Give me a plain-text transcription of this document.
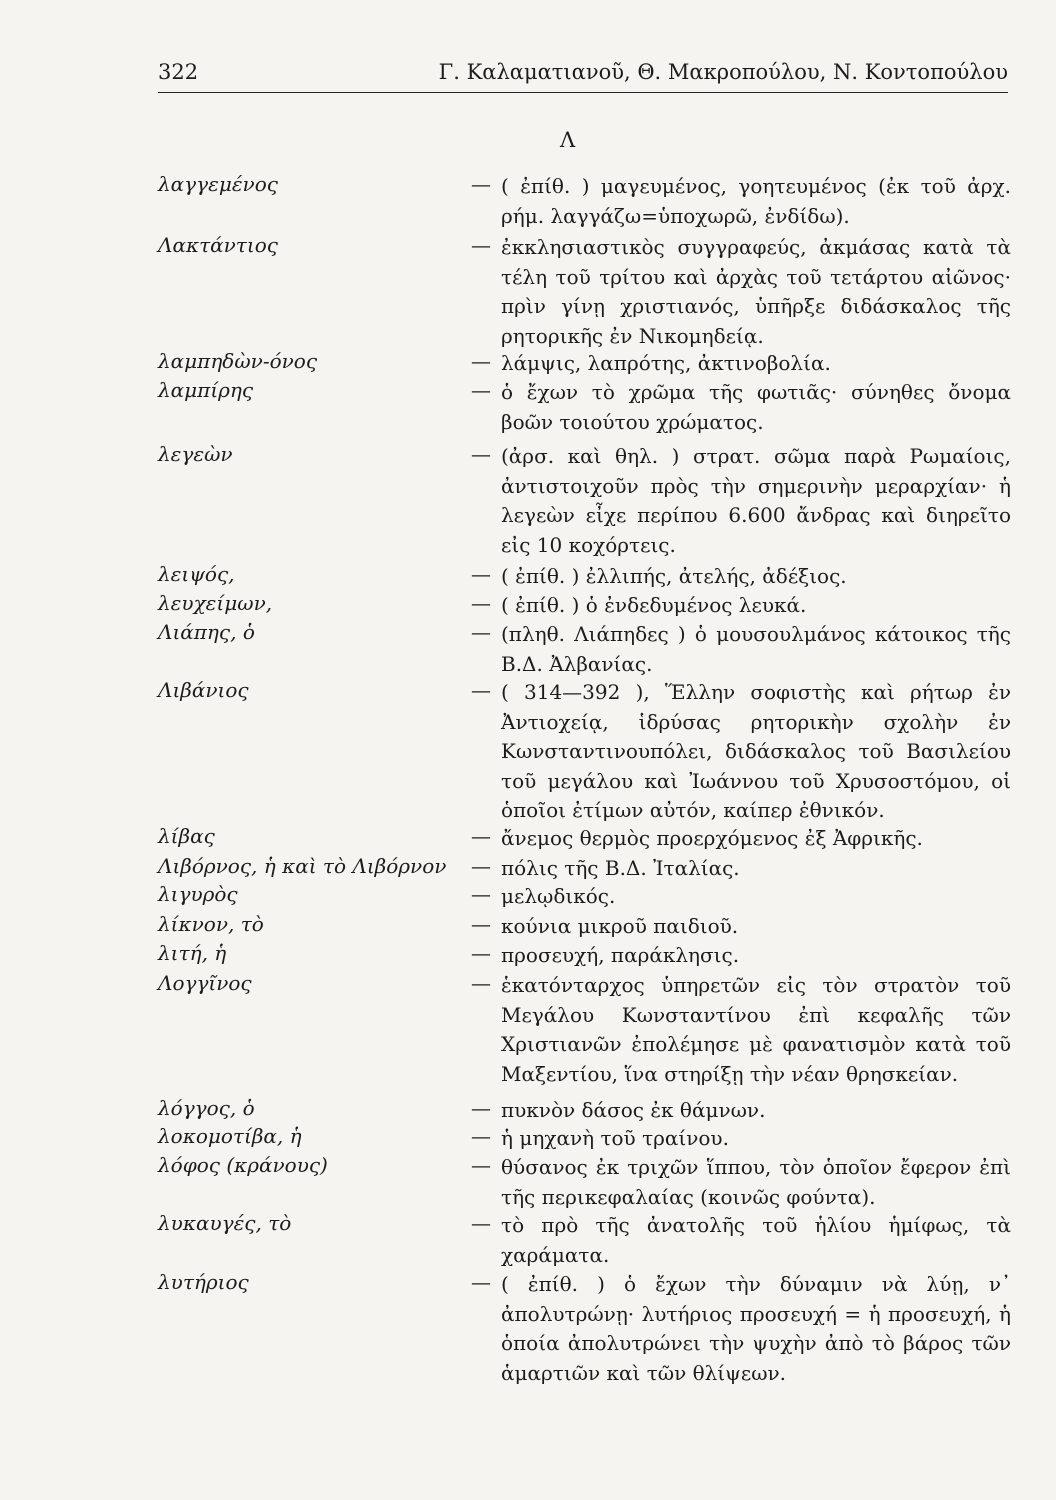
322	Γ. Καλαματιανοῦ, Θ. Μακροπούλου, Ν. Κοντοπούλου
Λ
λαγγεμένος	— ( ἐπίθ. ) μαγευμένος, γοητευμένος (ἐκ τοῦ ἀρχ. ρήμ. λαγγάζω=ὑποχωρῶ, ἐνδίδω).
Λακτάντιος	— ἐκκλησιαστικὸς συγγραφεύς, ἀκμάσας κατὰ τὰ τέλη τοῦ τρίτου καὶ ἀρχὰς τοῦ τετάρτου αἰῶνος· πρὶν γίνῃ χριστιανός, ὑπῆρξε διδάσκαλος τῆς ρητορικῆς ἐν Νικομηδείᾳ.
λαμπηδὼν-όνος	— λάμψις, λαπρότης, ἀκτινοβολία.
λαμπίρης	— ὁ ἔχων τὸ χρῶμα τῆς φωτιᾶς· σύνηθες ὄνομα βοῶν τοιούτου χρώματος.
λεγεὼν	— (ἀρσ. καὶ θηλ. ) στρατ. σῶμα παρὰ Ρωμαίοις, ἀντιστοιχοῦν πρὸς τὴν σημερινὴν μεραρχίαν· ἡ λεγεὼν εἶχε περίπου 6.600 ἄνδρας καὶ διηρεῖτο εἰς 10 κοχόρτεις.
λειψός,	— ( ἐπίθ. ) ἐλλιπής, ἀτελής, ἀδέξιος.
λευχείμων,	— ( ἐπίθ. ) ὁ ἐνδεδυμένος λευκά.
Λιάπης, ὁ	— (πληθ. Λιάπηδες ) ὁ μουσουλμάνος κάτοικος τῆς Β.Δ. Ἀλβανίας.
Λιβάνιος	— ( 314—392 ), Ἕλλην σοφιστὴς καὶ ρήτωρ ἐν Ἀντιοχείᾳ, ἱδρύσας ρητορικὴν σχολὴν ἐν Κωνσταντινουπόλει, διδάσκαλος τοῦ Βασιλείου τοῦ μεγάλου καὶ Ἰωάννου τοῦ Χρυσοστόμου, οἱ ὁποῖοι ἐτίμων αὐτόν, καίπερ ἐθνικόν.
λίβας	— ἄνεμος θερμὸς προερχόμενος ἐξ Ἀφρικῆς.
Λιβόρνος, ἡ καὶ τὸ Λιβόρνον — πόλις τῆς Β.Δ. Ἰταλίας.
λιγυρὸς	— μελῳδικός.
λίκνον, τὸ	— κούνια μικροῦ παιδιοῦ.
λιτή, ἡ	— προσευχή, παράκλησις.
Λογγῖνος	— ἑκατόνταρχος ὑπηρετῶν εἰς τὸν στρατὸν τοῦ Μεγάλου Κωνσταντίνου ἐπὶ κεφαλῆς τῶν Χριστιανῶν ἐπολέμησε μὲ φανατισμὸν κατὰ τοῦ Μαξεντίου, ἵνα στηρίξῃ τὴν νέαν θρησκείαν.
λόγγος, ὁ	— πυκνὸν δάσος ἐκ θάμνων.
λοκομοτίβα, ἡ	— ἡ μηχανὴ τοῦ τραίνου.
λόφος (κράνους)	— θύσανος ἐκ τριχῶν ἵππου, τὸν ὁποῖον ἔφερον ἐπὶ τῆς περικεφαλαίας (κοινῶς φούντα).
λυκαυγές, τὸ	— τὸ πρὸ τῆς ἀνατολῆς τοῦ ἡλίου ἡμίφως, τὰ χαράματα.
λυτήριος	— ( ἐπίθ. ) ὁ ἔχων τὴν δύναμιν νὰ λύῃ, ν᾿ ἀπολυτρώνῃ· λυτήριος προσευχή = ἡ προσευχή, ἡ ὁποία ἀπολυτρώνει τὴν ψυχὴν ἀπὸ τὸ βάρος τῶν ἁμαρτιῶν καὶ τῶν θλίψεων.
